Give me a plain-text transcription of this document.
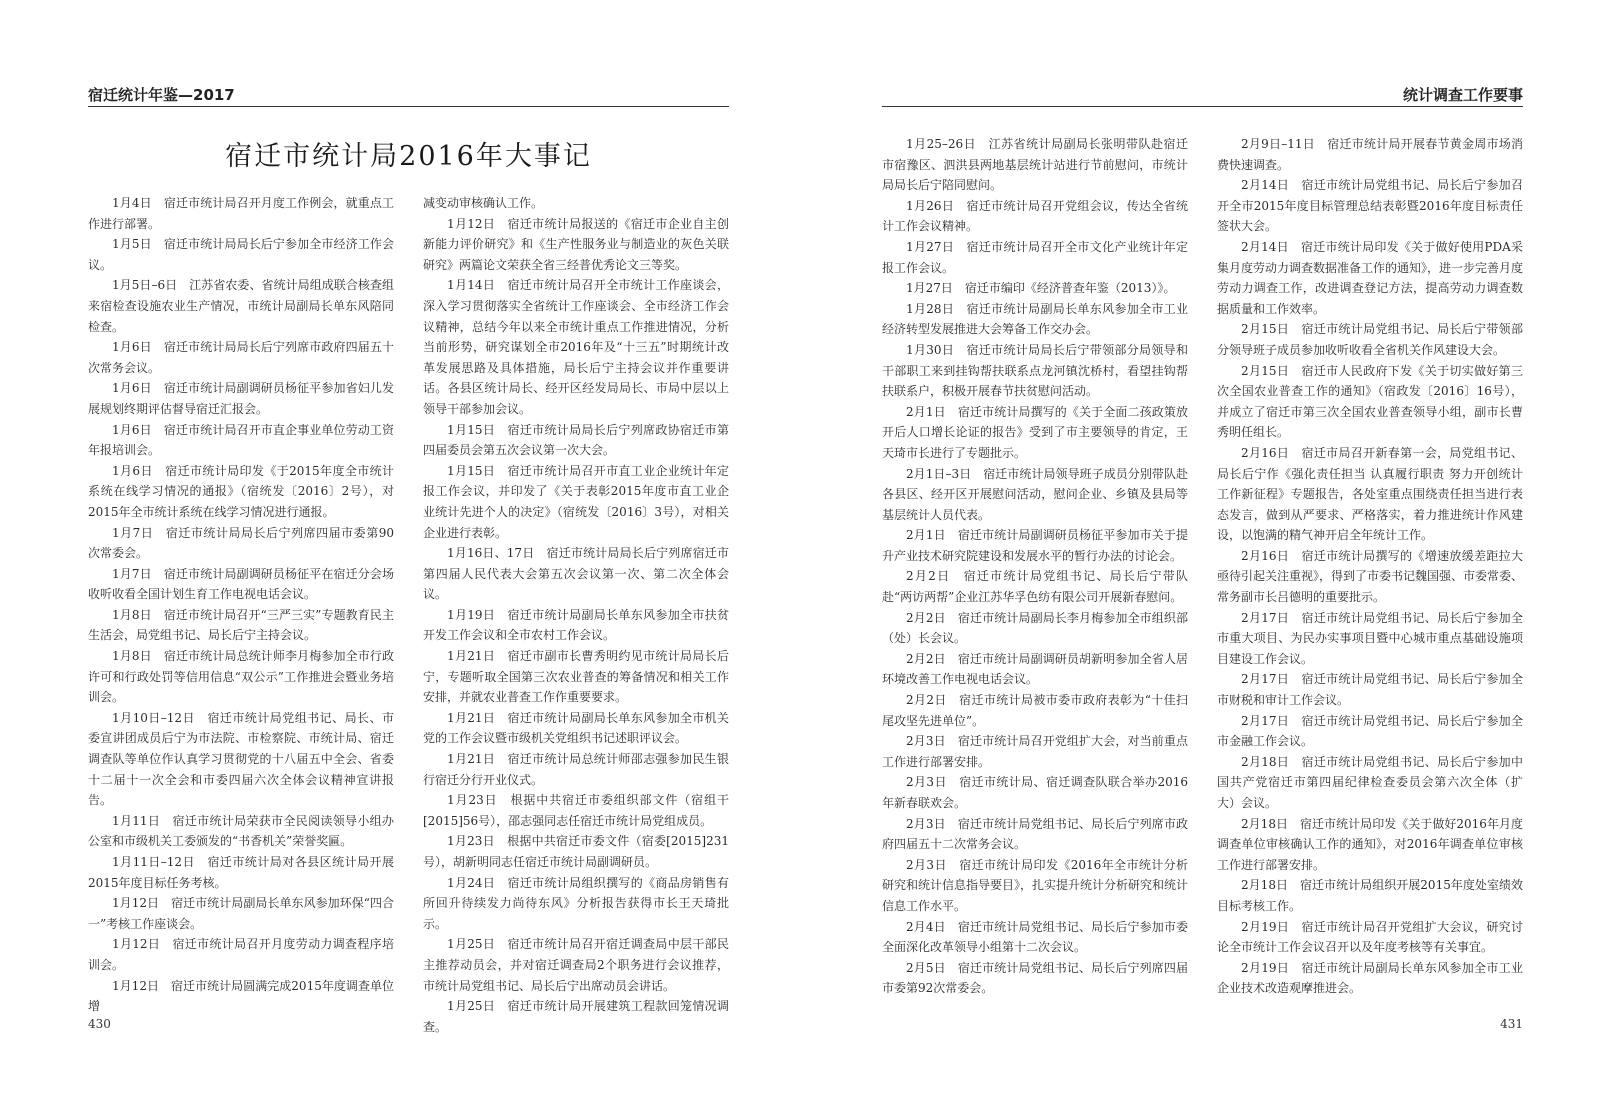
宿迁统计年鉴—2017
宿迁市统计局2016年大事记

1月4日　宿迁市统计局召开月度工作例会，就重点工作进行部署。

1月5日　宿迁市统计局局长后宁参加全市经济工作会议。

1月5日–6日　江苏省农委、省统计局组成联合核查组来宿检查设施农业生产情况，市统计局副局长单东风陪同检查。

1月6日　宿迁市统计局局长后宁列席市政府四届五十次常务会议。

1月6日　宿迁市统计局副调研员杨征平参加省妇儿发展规划终期评估督导宿迁汇报会。

1月6日　宿迁市统计局召开市直企事业单位劳动工资年报培训会。

1月6日　宿迁市统计局印发《于2015年度全市统计系统在线学习情况的通报》（宿统发〔2016〕2号），对2015年全市统计系统在线学习情况进行通报。

1月7日　宿迁市统计局局长后宁列席四届市委第90次常委会。

1月7日　宿迁市统计局副调研员杨征平在宿迁分会场收听收看全国计划生育工作电视电话会议。

1月8日　宿迁市统计局召开“三严三实”专题教育民主生活会，局党组书记、局长后宁主持会议。

1月8日　宿迁市统计局总统计师李月梅参加全市行政许可和行政处罚等信用信息“双公示”工作推进会暨业务培训会。

1月10日–12日　宿迁市统计局党组书记、局长、市委宣讲团成员后宁为市法院、市检察院、市统计局、宿迁调查队等单位作认真学习贯彻党的十八届五中全会、省委十二届十一次全会和市委四届六次全体会议精神宣讲报告。

1月11日　宿迁市统计局荣获市全民阅读领导小组办公室和市级机关工委颁发的“书香机关”荣誉奖匾。

1月11日–12日　宿迁市统计局对各县区统计局开展2015年度目标任务考核。

1月12日　宿迁市统计局副局长单东风参加环保“四合一”考核工作座谈会。

1月12日　宿迁市统计局召开月度劳动力调查程序培训会。

1月12日　宿迁市统计局圆满完成2015年度调查单位增

减变动审核确认工作。

1月12日　宿迁市统计局报送的《宿迁市企业自主创新能力评价研究》和《生产性服务业与制造业的灰色关联研究》两篇论文荣获全省三经普优秀论文三等奖。

1月14日　宿迁市统计局召开全市统计工作座谈会，深入学习贯彻落实全省统计工作座谈会、全市经济工作会议精神，总结今年以来全市统计重点工作推进情况，分析当前形势，研究谋划全市2016年及“十三五”时期统计改革发展思路及具体措施，局长后宁主持会议并作重要讲话。各县区统计局长、经开区经发局局长、市局中层以上领导干部参加会议。

1月15日　宿迁市统计局局长后宁列席政协宿迁市第四届委员会第五次会议第一次大会。

1月15日　宿迁市统计局召开市直工业企业统计年定报工作会议，并印发了《关于表彰2015年度市直工业企业统计先进个人的决定》（宿统发〔2016〕3号），对相关企业进行表彰。

1月16日、17日　宿迁市统计局局长后宁列席宿迁市第四届人民代表大会第五次会议第一次、第二次全体会议。

1月19日　宿迁市统计局副局长单东风参加全市扶贫开发工作会议和全市农村工作会议。

1月21日　宿迁市副市长曹秀明约见市统计局局长后宁，专题听取全国第三次农业普查的筹备情况和相关工作安排，并就农业普查工作作重要要求。

1月21日　宿迁市统计局副局长单东风参加全市机关党的工作会议暨市级机关党组织书记述职评议会。

1月21日　宿迁市统计局总统计师邵志强参加民生银行宿迁分行开业仪式。

1月23日　根据中共宿迁市委组织部文件（宿组干[2015]56号），邵志强同志任宿迁市统计局党组成员。

1月23日　根据中共宿迁市委文件（宿委[2015]231号），胡新明同志任宿迁市统计局副调研员。

1月24日　宿迁市统计局组织撰写的《商品房销售有所回升待续发力尚待东风》分析报告获得市长王天琦批示。

1月25日　宿迁市统计局召开宿迁调查局中层干部民主推荐动员会，并对宿迁调查局2个职务进行会议推荐，市统计局党组书记、局长后宁出席动员会讲话。

1月25日　宿迁市统计局开展建筑工程款回笼情况调查。

430
统计调查工作要事

1月25–26日　江苏省统计局副局长张明带队赴宿迁市宿豫区、泗洪县两地基层统计站进行节前慰问，市统计局局长后宁陪同慰问。

1月26日　宿迁市统计局召开党组会议，传达全省统计工作会议精神。

1月27日　宿迁市统计局召开全市文化产业统计年定报工作会议。

1月27日　宿迁市编印《经济普查年鉴（2013）》。

1月28日　宿迁市统计局副局长单东风参加全市工业经济转型发展推进大会筹备工作交办会。

1月30日　宿迁市统计局局长后宁带领部分局领导和干部职工来到挂钩帮扶联系点龙河镇沈桥村，看望挂钩帮扶联系户，积极开展春节扶贫慰问活动。

2月1日　宿迁市统计局撰写的《关于全面二孩政策放开后人口增长论证的报告》受到了市主要领导的肯定，王天琦市长进行了专题批示。

2月1日–3日　宿迁市统计局领导班子成员分别带队赴各县区、经开区开展慰问活动，慰问企业、乡镇及县局等基层统计人员代表。

2月1日　宿迁市统计局副调研员杨征平参加市关于提升产业技术研究院建设和发展水平的暂行办法的讨论会。

2月2日　宿迁市统计局党组书记、局长后宁带队赴“两访两帮”企业江苏华孚色纺有限公司开展新春慰问。

2月2日　宿迁市统计局副局长李月梅参加全市组织部（处）长会议。

2月2日　宿迁市统计局副调研员胡新明参加全省人居环境改善工作电视电话会议。

2月2日　宿迁市统计局被市委市政府表彰为“十佳扫尾攻坚先进单位”。

2月3日　宿迁市统计局召开党组扩大会，对当前重点工作进行部署安排。

2月3日　宿迁市统计局、宿迁调查队联合举办2016年新春联欢会。

2月3日　宿迁市统计局党组书记、局长后宁列席市政府四届五十二次常务会议。

2月3日　宿迁市统计局印发《2016年全市统计分析研究和统计信息指导要目》，扎实提升统计分析研究和统计信息工作水平。

2月4日　宿迁市统计局党组书记、局长后宁参加市委全面深化改革领导小组第十二次会议。

2月5日　宿迁市统计局党组书记、局长后宁列席四届市委第92次常委会。

2月9日–11日　宿迁市统计局开展春节黄金周市场消费快速调查。

2月14日　宿迁市统计局党组书记、局长后宁参加召开全市2015年度目标管理总结表彰暨2016年度目标责任签状大会。

2月14日　宿迁市统计局印发《关于做好使用PDA采集月度劳动力调查数据准备工作的通知》，进一步完善月度劳动力调查工作，改进调查登记方法，提高劳动力调查数据质量和工作效率。

2月15日　宿迁市统计局党组书记、局长后宁带领部分领导班子成员参加收听收看全省机关作风建设大会。

2月15日　宿迁市人民政府下发《关于切实做好第三次全国农业普查工作的通知》（宿政发〔2016〕16号），并成立了宿迁市第三次全国农业普查领导小组，副市长曹秀明任组长。

2月16日　宿迁市局召开新春第一会，局党组书记、局长后宁作《强化责任担当 认真履行职责 努力开创统计工作新征程》专题报告，各处室重点围绕责任担当进行表态发言，做到从严要求、严格落实，着力推进统计作风建设，以饱满的精气神开启全年统计工作。

2月16日　宿迁市统计局撰写的《增速放缓差距拉大　亟待引起关注重视》，得到了市委书记魏国强、市委常委、常务副市长吕德明的重要批示。

2月17日　宿迁市统计局党组书记、局长后宁参加全市重大项目、为民办实事项目暨中心城市重点基础设施项目建设工作会议。

2月17日　宿迁市统计局党组书记、局长后宁参加全市财税和审计工作会议。

2月17日　宿迁市统计局党组书记、局长后宁参加全市金融工作会议。

2月18日　宿迁市统计局党组书记、局长后宁参加中国共产党宿迁市第四届纪律检查委员会第六次全体（扩大）会议。

2月18日　宿迁市统计局印发《关于做好2016年月度调查单位审核确认工作的通知》，对2016年调查单位审核工作进行部署安排。

2月18日　宿迁市统计局组织开展2015年度处室绩效目标考核工作。

2月19日　宿迁市统计局召开党组扩大会议，研究讨论全市统计工作会议召开以及年度考核等有关事宜。

2月19日　宿迁市统计局副局长单东风参加全市工业企业技术改造观摩推进会。

431
